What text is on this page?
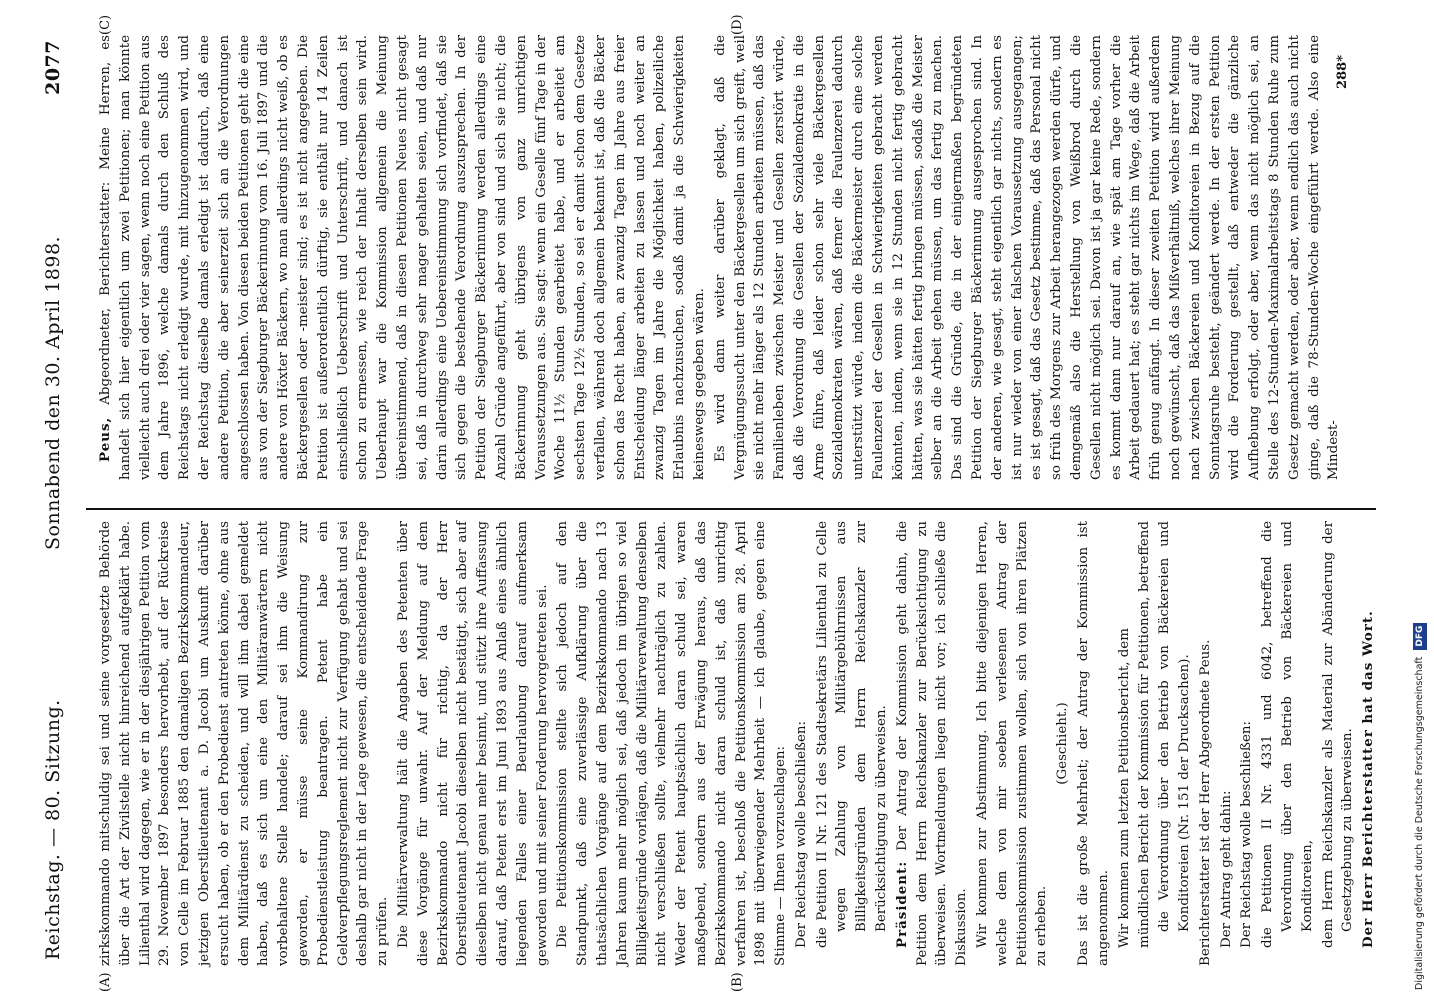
Reichstag. — 80. Sitzung.
Sonnabend den 30. April 1898.
2077
(A)	(B)
(C)	(D)

zirkskommando mitschuldig sei und seine vorgesetzte Behörde über die Art der Zivilstelle nicht hinreichend aufgeklärt habe. Lilienthal wird dagegen, wie er in der diesjährigen Petition vom 29. November 1897 besonders hervorhebt, auf der Rückreise von Celle im Februar 1885 den damaligen Bezirkskommandeur, jetzigen Oberstlieutenant a. D. Jacobi um Auskunft darüber ersucht haben, ob er den Probedienst antreten könne, ohne aus dem Militärdienst zu scheiden, und will ihm dabei gemeldet haben, daß es sich um eine den Militäranwärtern nicht vorbehaltene Stelle handele; darauf sei ihm die Weisung geworden, er müsse seine Kommandirung zur Probedienstleistung beantragen. Petent habe ein Geldverpflegungsreglement nicht zur Verfügung gehabt und sei deshalb gar nicht in der Lage gewesen, die entscheidende Frage zu prüfen. Die Militärverwaltung hält die Angaben des Petenten über diese Vorgänge für unwahr. Auf der Meldung auf dem Bezirkskommando nicht für richtig, da der Herr Oberstlieutenant Jacobi dieselben nicht bestätigt, sich aber auf dieselben nicht genau mehr besinnt, und stützt ihre Auffassung darauf, daß Petent erst im Juni 1893 aus Anlaß eines ähnlich liegenden Falles einer Beurlaubung darauf aufmerksam geworden und mit seiner Forderung hervorgetreten sei. Die Petitionskommission stellte sich jedoch auf den Standpunkt, daß eine zuverlässige Aufklärung über die thatsächlichen Vorgänge auf dem Bezirkskommando nach 13 Jahren kaum mehr möglich sei, daß jedoch im übrigen so viel Billigkeitsgründe vorlägen, daß die Militärverwaltung denselben nicht verschließen sollte, vielmehr nachträglich zu zahlen. Weder der Petent hauptsächlich daran schuld sei, waren maßgebend, sondern aus der Erwägung heraus, daß das Bezirkskommando nicht daran schuld ist, daß unrichtig verfahren ist, beschloß die Petitionskommission am 28. April 1898 mit überwiegender Mehrheit — ich glaube, gegen eine Stimme — Ihnen vorzuschlagen: Der Reichstag wolle beschließen: die Petition II Nr. 121 des Stadtsekretärs Lilienthal zu Celle wegen Zahlung von Militärgebührnissen aus Billigkeitsgründen dem Herrn Reichskanzler zur Berücksichtigung zu überweisen. Präsident: Der Antrag der Kommission geht dahin, die Petition dem Herrn Reichskanzler zur Berücksichtigung zu überweisen. Wortmeldungen liegen nicht vor; ich schließe die Diskussion. Wir kommen zur Abstimmung. Ich bitte diejenigen Herren, welche dem von mir soeben verlesenen Antrag der Petitionskommission zustimmen wollen, sich von ihren Plätzen zu erheben.

(Geschieht.) Das ist die große Mehrheit; der Antrag der Kommission ist angenommen. Wir kommen zum letzten Petitionsbericht, dem mündlichen Bericht der Kommission für Petitionen, betreffend die Verordnung über den Betrieb von Bäckereien und Konditoreien (Nr. 151 der Drucksachen). Berichterstatter ist der Herr Abgeordnete Peus. Der Antrag geht dahin: Der Reichstag wolle beschließen: die Petitionen II Nr. 4331 und 6042, betreffend die Verordnung über den Betrieb von Bäckereien und Konditoreien, dem Herrn Reichskanzler als Material zur Abänderung der Gesetzgebung zu überweisen. Der Herr Berichterstatter hat das Wort.

Peus, Abgeordneter, Berichterstatter: Meine Herren, es handelt sich hier eigentlich um zwei Petitionen; man könnte vielleicht auch drei oder vier sagen, wenn noch eine Petition aus dem Jahre 1896, welche damals durch den Schluß des Reichstags nicht erledigt wurde, mit hinzugenommen wird, und der Reichstag dieselbe damals erledigt ist dadurch, daß eine andere Petition, die aber seinerzeit sich an die Verordnungen angeschlossen haben. Von diesen beiden Petitionen geht die eine aus von der Siegburger Bäckerinnung vom 16. Juli 1897 und die andere von Höxter Bäckern, wo man allerdings nicht weiß, ob es Bäckergesellen oder -meister sind; es ist nicht angegeben. Die Petition ist außerordentlich dürftig, sie enthält nur 14 Zeilen einschließlich Ueberschrift und Unterschrift, und danach ist schon zu ermessen, wie reich der Inhalt derselben sein wird. Ueberhaupt war die Kommission allgemein die Meinung übereinstimmend, daß in diesen Petitionen Neues nicht gesagt sei, daß in durchweg sehr mager gehalten seien, und daß nur darin allerdings eine Uebereinstimmung sich vorfindet, daß sie sich gegen die bestehende Verordnung auszusprechen. In der Petition der Siegburger Bäckerinnung werden allerdings eine Anzahl Gründe angeführt, aber von sind und sich sie nicht; die Bäckerinnung geht übrigens von ganz unrichtigen Voraussetzungen aus. Sie sagt: wenn ein Geselle fünf Tage in der Woche 11½ Stunden gearbeitet habe, und er arbeitet am sechsten Tage 12½ Stunden, so sei er damit schon dem Gesetze verfallen, während doch allgemein bekannt ist, daß die Bäcker schon das Recht haben, an zwanzig Tagen im Jahre aus freier Entscheidung länger arbeiten zu lassen und noch weiter an zwanzig Tagen im Jahre die Möglichkeit haben, polizeiliche Erlaubnis nachzusuchen, sodaß damit ja die Schwierigkeiten keineswegs gegeben wären. Es wird dann weiter darüber geklagt, daß die Vergnügungssucht unter den Bäckergesellen um sich greift, weil sie nicht mehr länger als 12 Stunden arbeiten müssen, daß das Familienleben zwischen Meister und Gesellen zerstört würde, daß die Verordnung die Gesellen der Sozialdemokratie in die Arme führe, daß leider schon sehr viele Bäckergesellen Sozialdemokraten wären, daß ferner die Faulenzerei dadurch unterstützt würde, indem die Bäckermeister durch eine solche Faulenzerei der Gesellen in Schwierigkeiten gebracht werden könnten, indem, wenn sie in 12 Stunden nicht fertig gebracht hätten, was sie hätten fertig bringen müssen, sodaß die Meister selber an die Arbeit gehen müssen, um das fertig zu machen. Das sind die Gründe, die in der einigermaßen begründeten Petition der Siegburger Bäckerinnung ausgesprochen sind. In der anderen, wie gesagt, steht eigentlich gar nichts, sondern es ist nur wieder von einer falschen Voraussetzung ausgegangen; es ist gesagt, daß das Gesetz bestimme, daß das Personal nicht so früh des Morgens zur Arbeit herangezogen werden dürfe, und demgemäß also die Herstellung von Weißbrod durch die Gesellen nicht möglich sei. Davon ist ja gar keine Rede, sondern es kommt dann nur darauf an, wie spät am Tage vorher die Arbeit gedauert hat; es steht gar nichts im Wege, daß die Arbeit früh genug anfängt. In dieser zweiten Petition wird außerdem noch gewünscht, daß das Mißverhältniß, welches ihrer Meinung nach zwischen Bäckereien und Konditoreien in Bezug auf die Sonntagsruhe besteht, geändert werde. In der ersten Petition wird die Forderung gestellt, daß entweder die gänzliche Aufhebung erfolgt, oder aber, wenn das nicht möglich sei, an Stelle des 12-Stunden-Maximalarbeitstags 8 Stunden Ruhe zum Gesetz gemacht werden, oder aber, wenn endlich das auch nicht ginge, daß die 78-Stunden-Woche eingeführt werde. Also eine Mindest-

288*
Digitalisierung gefördert durch die Deutsche Forschungsgemeinschaft DFG
